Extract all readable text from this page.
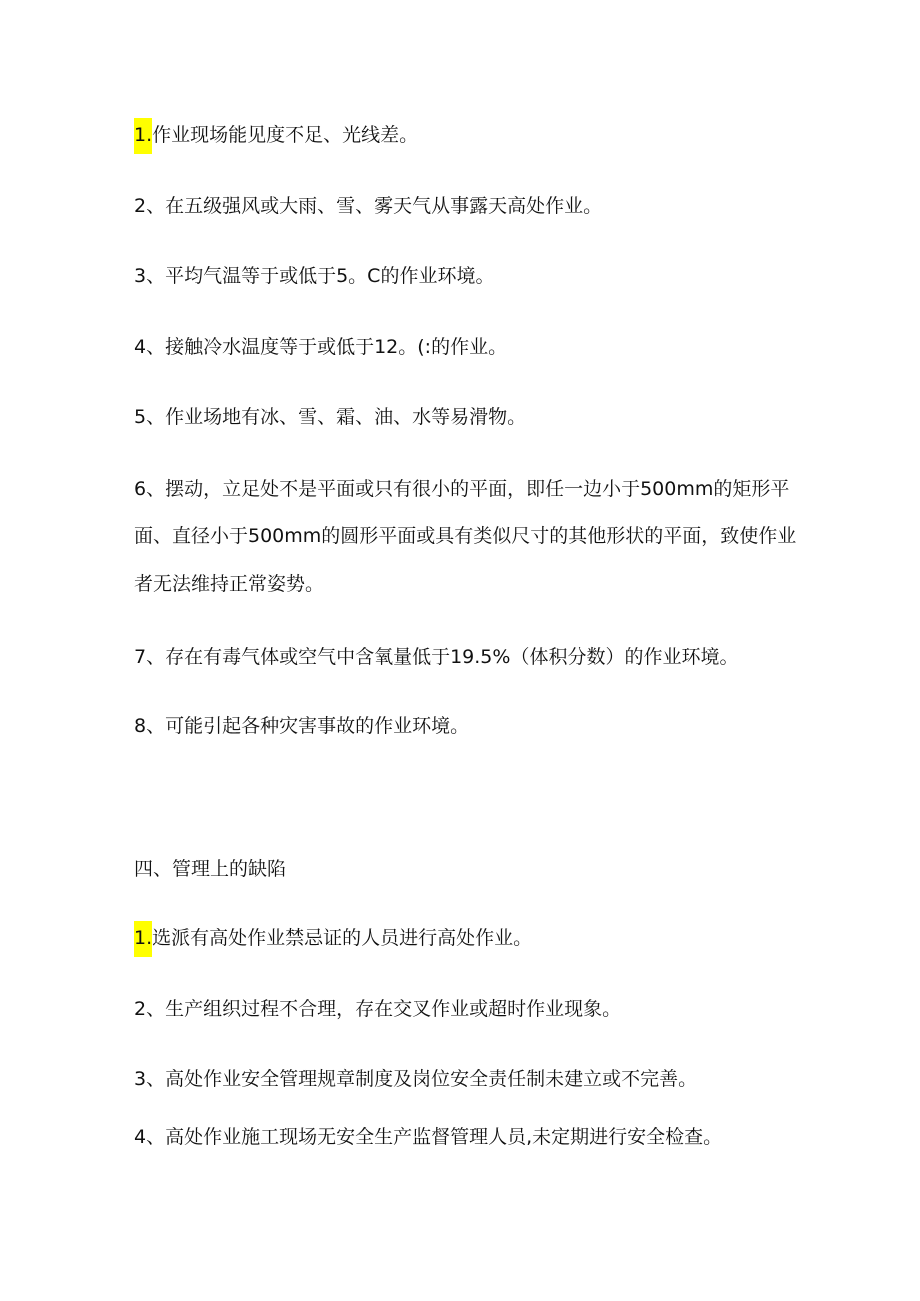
1.作业现场能见度不足、光线差。

2、在五级强风或大雨、雪、雾天气从事露天高处作业。

3、平均气温等于或低于5。C的作业环境。

4、接触冷水温度等于或低于12。(:的作业。

5、作业场地有冰、雪、霜、油、水等易滑物。

6、摆动，立足处不是平面或只有很小的平面，即任一边小于500mm的矩形平

面、直径小于500mm的圆形平面或具有类似尺寸的其他形状的平面，致使作业

者无法维持正常姿势。

7、存在有毒气体或空气中含氧量低于19.5%（体积分数）的作业环境。

8、可能引起各种灾害事故的作业环境。

四、管理上的缺陷

1.选派有高处作业禁忌证的人员进行高处作业。

2、生产组织过程不合理，存在交叉作业或超时作业现象。

3、高处作业安全管理规章制度及岗位安全责任制未建立或不完善。

4、高处作业施工现场无安全生产监督管理人员,未定期进行安全检查。
